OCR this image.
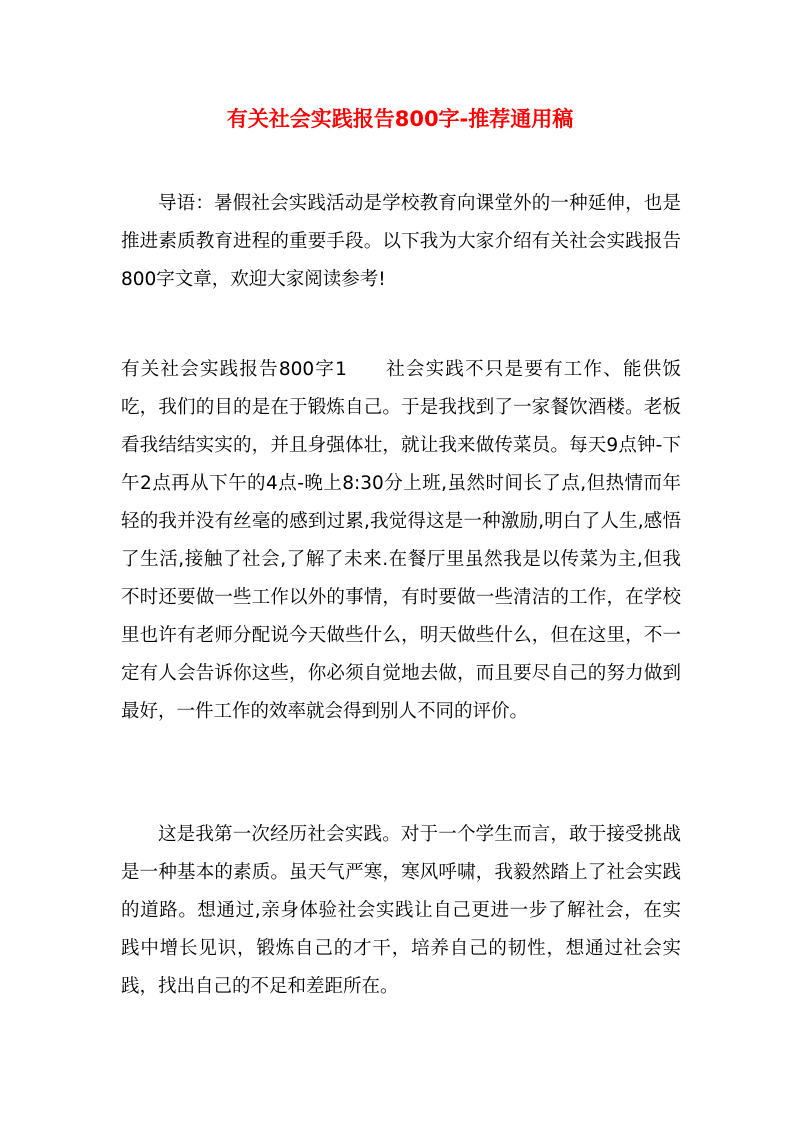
有关社会实践报告800字-推荐通用稿

导语：暑假社会实践活动是学校教育向课堂外的一种延伸，也是推进素质教育进程的重要手段。以下我为大家介绍有关社会实践报告800字文章，欢迎大家阅读参考!

有关社会实践报告800字1 社会实践不只是要有工作、能供饭吃，我们的目的是在于锻炼自己。于是我找到了一家餐饮酒楼。老板看我结结实实的，并且身强体壮，就让我来做传菜员。每天9点钟-下午2点再从下午的4点-晚上8:30分上班,虽然时间长了点,但热情而年轻的我并没有丝毫的感到过累,我觉得这是一种激励,明白了人生,感悟了生活,接触了社会,了解了未来.在餐厅里虽然我是以传菜为主,但我不时还要做一些工作以外的事情，有时要做一些清洁的工作，在学校里也许有老师分配说今天做些什么，明天做些什么，但在这里，不一定有人会告诉你这些，你必须自觉地去做，而且要尽自己的努力做到最好，一件工作的效率就会得到别人不同的评价。

这是我第一次经历社会实践。对于一个学生而言，敢于接受挑战是一种基本的素质。虽天气严寒，寒风呼啸，我毅然踏上了社会实践的道路。想通过,亲身体验社会实践让自己更进一步了解社会，在实践中增长见识，锻炼自己的才干，培养自己的韧性，想通过社会实践，找出自己的不足和差距所在。
